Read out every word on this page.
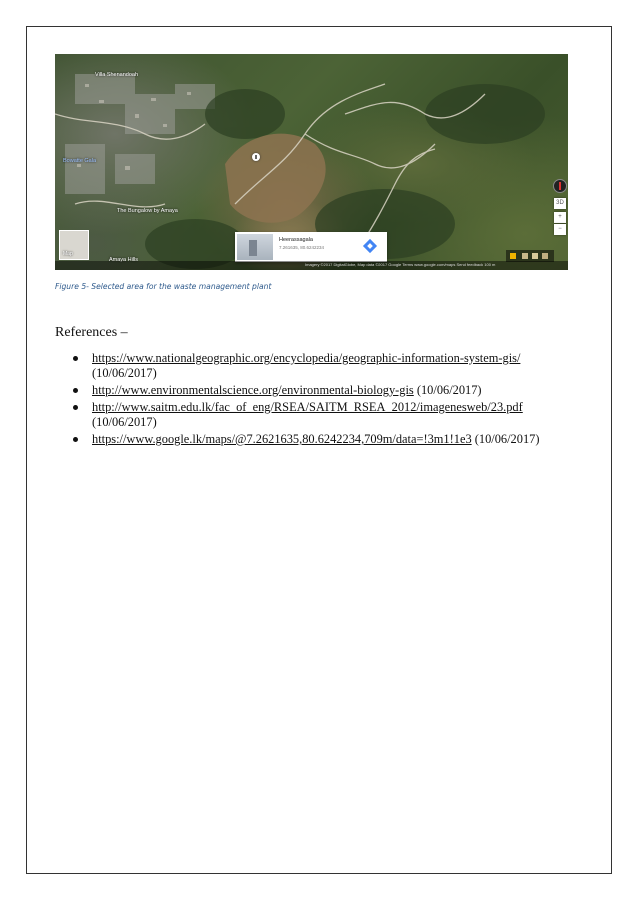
Villa Shenandoah
Bowatte Gala
The Bungalow by Amaya
Amaya Hills
Map
Heerassagala
7.261635, 80.6242234
3D
+
−
Imagery ©2017 DigitalGlobe, Map data ©2017 Google Terms www.google.com/maps Send feedback 100 m
Figure 5- Selected area for the waste management plant
References –
https://www.nationalgeographic.org/encyclopedia/geographic-information-system-gis/ (10/06/2017)
http://www.environmentalscience.org/environmental-biology-gis (10/06/2017)
http://www.saitm.edu.lk/fac_of_eng/RSEA/SAITM_RSEA_2012/imagenesweb/23.pdf (10/06/2017)
https://www.google.lk/maps/@7.2621635,80.6242234,709m/data=!3m1!1e3 (10/06/2017)
